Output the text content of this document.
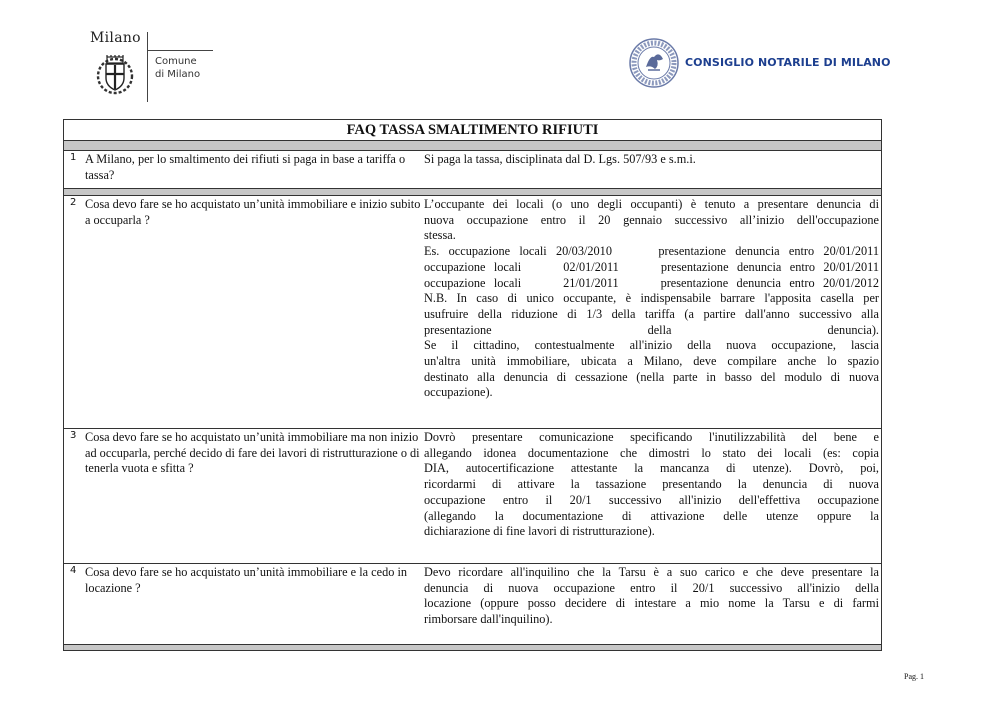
Milano
Comune
di Milano
CONSIGLIO NOTARILE DI MILANO
FAQ TASSA SMALTIMENTO RIFIUTI
1 A Milano, per lo smaltimento dei rifiuti si paga in base a tariffa o tassa?
Si paga la tassa, disciplinata dal D. Lgs. 507/93 e s.m.i.
2 Cosa devo fare se ho acquistato un’unità immobiliare e inizio subito a occuparla ?
L’occupante dei locali (o uno degli occupanti) è tenuto a presentare denuncia di
nuova occupazione entro il 20 gennaio successivo all’inizio dell'occupazione
stessa.
Es. occupazione locali 20/03/2010     presentazione denuncia entro 20/01/2011
occupazione locali     02/01/2011     presentazione denuncia entro 20/01/2011
occupazione locali     21/01/2011     presentazione denuncia entro 20/01/2012
N.B. In caso di unico occupante, è indispensabile barrare l'apposita casella per
usufruire della riduzione di 1/3 della tariffa (a partire dall'anno successivo alla
presentazione della denuncia).
Se il cittadino, contestualmente all'inizio della nuova occupazione, lascia
un'altra unità immobiliare, ubicata a Milano, deve compilare anche lo spazio
destinato alla denuncia di cessazione (nella parte in basso del modulo di nuova
occupazione).
3 Cosa devo fare se ho acquistato un’unità immobiliare ma non inizio ad occuparla, perché decido di fare dei lavori di ristrutturazione o di tenerla vuota e sfitta ?
Dovrò presentare comunicazione specificando l'inutilizzabilità del bene e
allegando idonea documentazione che dimostri lo stato dei locali (es: copia
DIA, autocertificazione attestante la mancanza di utenze). Dovrò, poi,
ricordarmi di attivare la tassazione presentando la denuncia di nuova
occupazione entro il 20/1 successivo all'inizio dell'effettiva occupazione
(allegando la documentazione di attivazione delle utenze oppure la
dichiarazione di fine lavori di ristrutturazione).
4 Cosa devo fare se ho acquistato un’unità immobiliare e la cedo in locazione ?
Devo ricordare all'inquilino che la Tarsu è a suo carico e che deve presentare la
denuncia di nuova occupazione entro il 20/1 successivo all'inizio della
locazione (oppure posso decidere di intestare a mio nome la Tarsu e di farmi
rimborsare dall'inquilino).
Pag. 1
